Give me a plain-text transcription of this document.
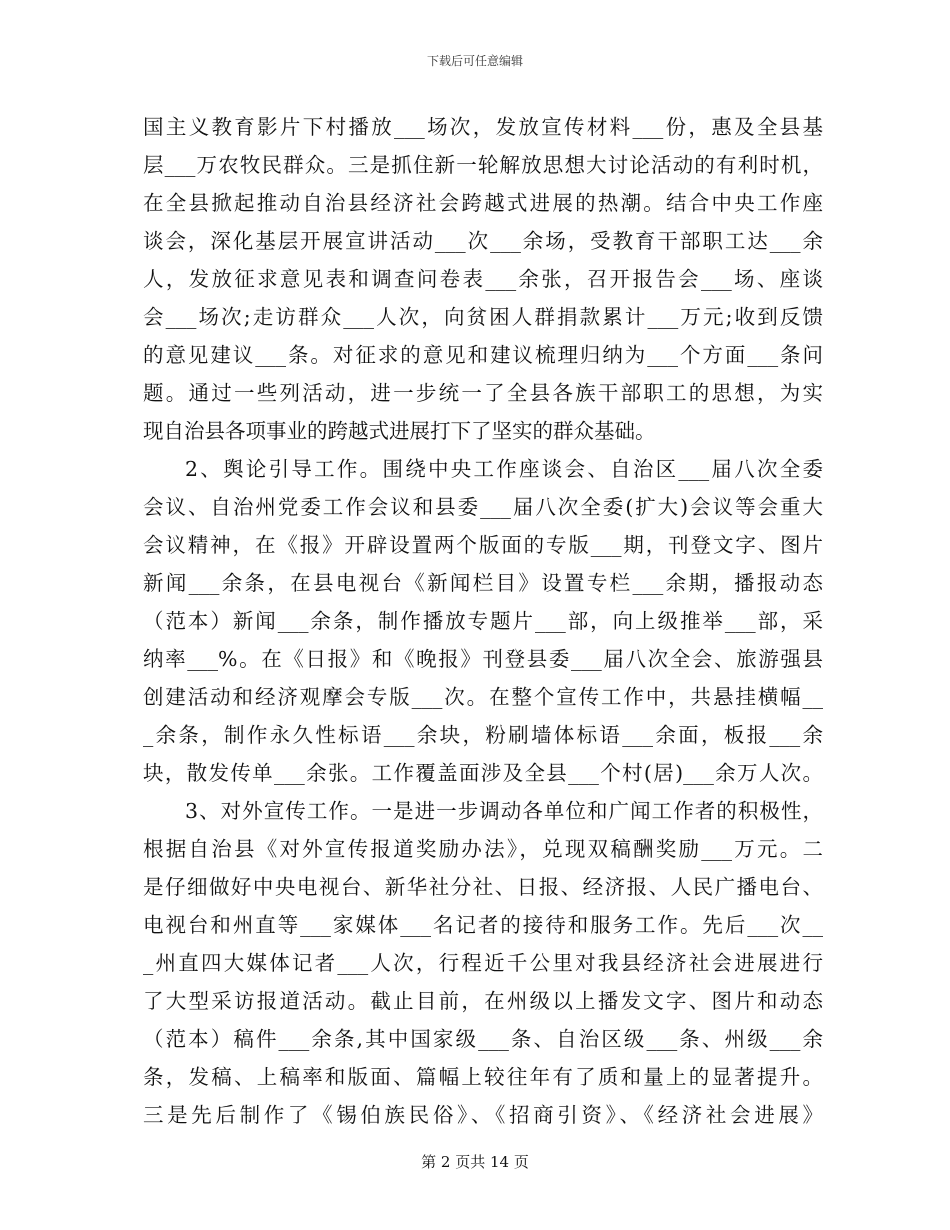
下载后可任意编辑
国主义教育影片下村播放___场次，发放宣传材料___份，惠及全县基
层___万农牧民群众。三是抓住新一轮解放思想大讨论活动的有利时机，
在全县掀起推动自治县经济社会跨越式进展的热潮。结合中央工作座
谈会，深化基层开展宣讲活动___次___余场，受教育干部职工达___余
人，发放征求意见表和调查问卷表___余张，召开报告会___场、座谈
会___场次;走访群众___人次，向贫困人群捐款累计___万元;收到反馈
的意见建议___条。对征求的意见和建议梳理归纳为___个方面___条问
题。通过一些列活动，进一步统一了全县各族干部职工的思想，为实
现自治县各项事业的跨越式进展打下了坚实的群众基础。
2、舆论引导工作。围绕中央工作座谈会、自治区___届八次全委
会议、自治州党委工作会议和县委___届八次全委(扩大)会议等会重大
会议精神，在《报》开辟设置两个版面的专版___期，刊登文字、图片
新闻___余条，在县电视台《新闻栏目》设置专栏___余期，播报动态
（范本）新闻___余条，制作播放专题片___部，向上级推举___部，采
纳率___%。在《日报》和《晚报》刊登县委___届八次全会、旅游强县
创建活动和经济观摩会专版___次。在整个宣传工作中，共悬挂横幅__
_余条，制作永久性标语___余块，粉刷墙体标语___余面，板报___余
块，散发传单___余张。工作覆盖面涉及全县___个村(居)___余万人次。
3、对外宣传工作。一是进一步调动各单位和广闻工作者的积极性，
根据自治县《对外宣传报道奖励办法》，兑现双稿酬奖励___万元。二
是仔细做好中央电视台、新华社分社、日报、经济报、人民广播电台、
电视台和州直等___家媒体___名记者的接待和服务工作。先后___次__
_州直四大媒体记者___人次，行程近千公里对我县经济社会进展进行
了大型采访报道活动。截止目前，在州级以上播发文字、图片和动态
（范本）稿件___余条,其中国家级___条、自治区级___条、州级___余
条，发稿、上稿率和版面、篇幅上较往年有了质和量上的显著提升。
三是先后制作了《锡伯族民俗》、《招商引资》、《经济社会进展》
第 2 页共 14 页
